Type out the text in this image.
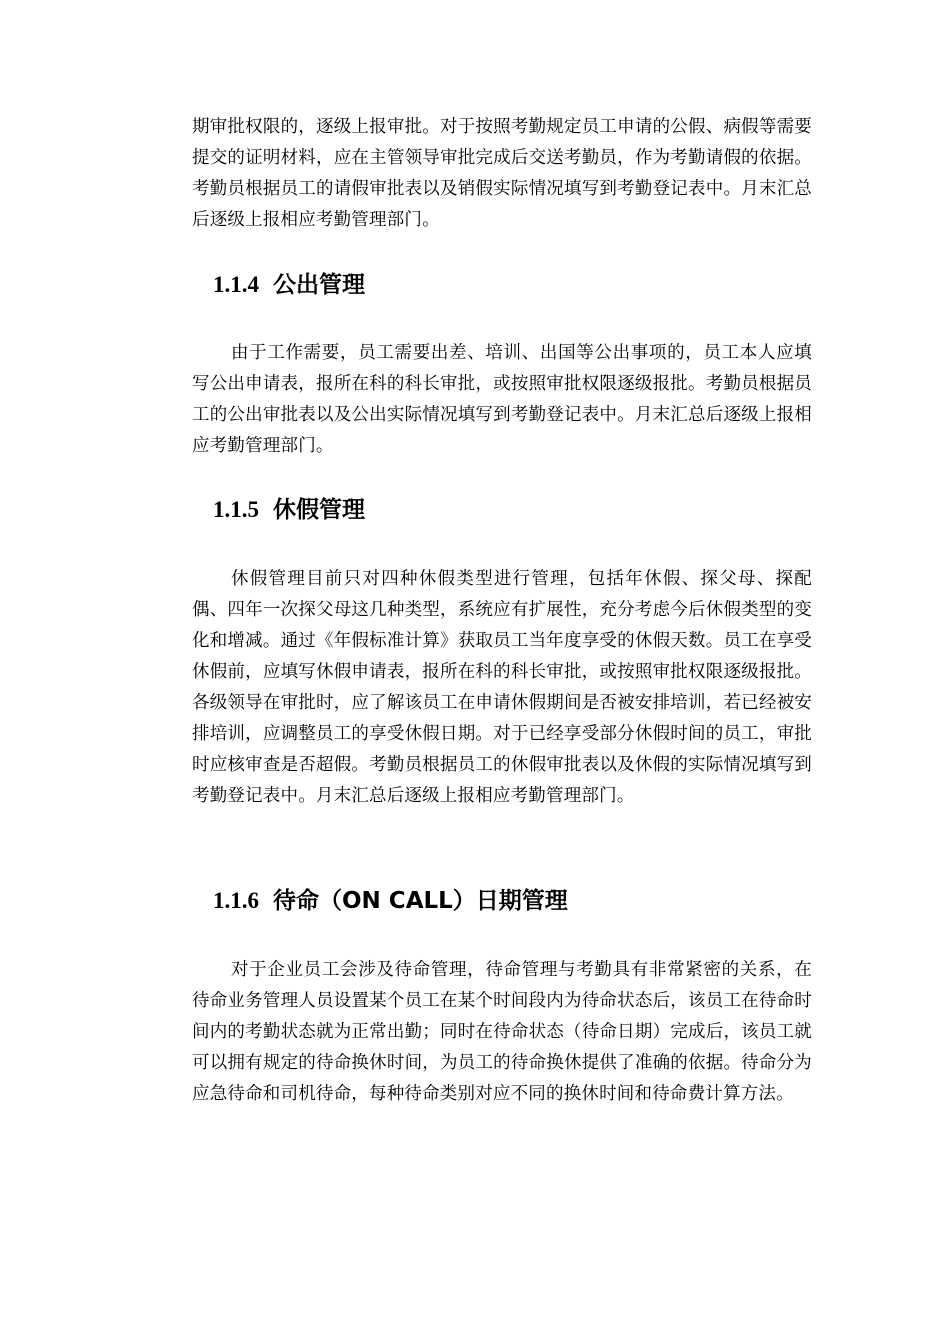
期审批权限的，逐级上报审批。对于按照考勤规定员工申请的公假、病假等需要提交的证明材料，应在主管领导审批完成后交送考勤员，作为考勤请假的依据。考勤员根据员工的请假审批表以及销假实际情况填写到考勤登记表中。月末汇总后逐级上报相应考勤管理部门。

1.1.4 公出管理

由于工作需要，员工需要出差、培训、出国等公出事项的，员工本人应填写公出申请表，报所在科的科长审批，或按照审批权限逐级报批。考勤员根据员工的公出审批表以及公出实际情况填写到考勤登记表中。月末汇总后逐级上报相应考勤管理部门。

1.1.5 休假管理

休假管理目前只对四种休假类型进行管理，包括年休假、探父母、探配偶、四年一次探父母这几种类型，系统应有扩展性，充分考虑今后休假类型的变化和增减。通过《年假标准计算》获取员工当年度享受的休假天数。员工在享受休假前，应填写休假申请表，报所在科的科长审批，或按照审批权限逐级报批。各级领导在审批时，应了解该员工在申请休假期间是否被安排培训，若已经被安排培训，应调整员工的享受休假日期。对于已经享受部分休假时间的员工，审批时应核审查是否超假。考勤员根据员工的休假审批表以及休假的实际情况填写到考勤登记表中。月末汇总后逐级上报相应考勤管理部门。

1.1.6 待命（ON CALL）日期管理

对于企业员工会涉及待命管理，待命管理与考勤具有非常紧密的关系，在待命业务管理人员设置某个员工在某个时间段内为待命状态后，该员工在待命时间内的考勤状态就为正常出勤；同时在待命状态（待命日期）完成后，该员工就可以拥有规定的待命换休时间，为员工的待命换休提供了准确的依据。待命分为应急待命和司机待命，每种待命类别对应不同的换休时间和待命费计算方法。
